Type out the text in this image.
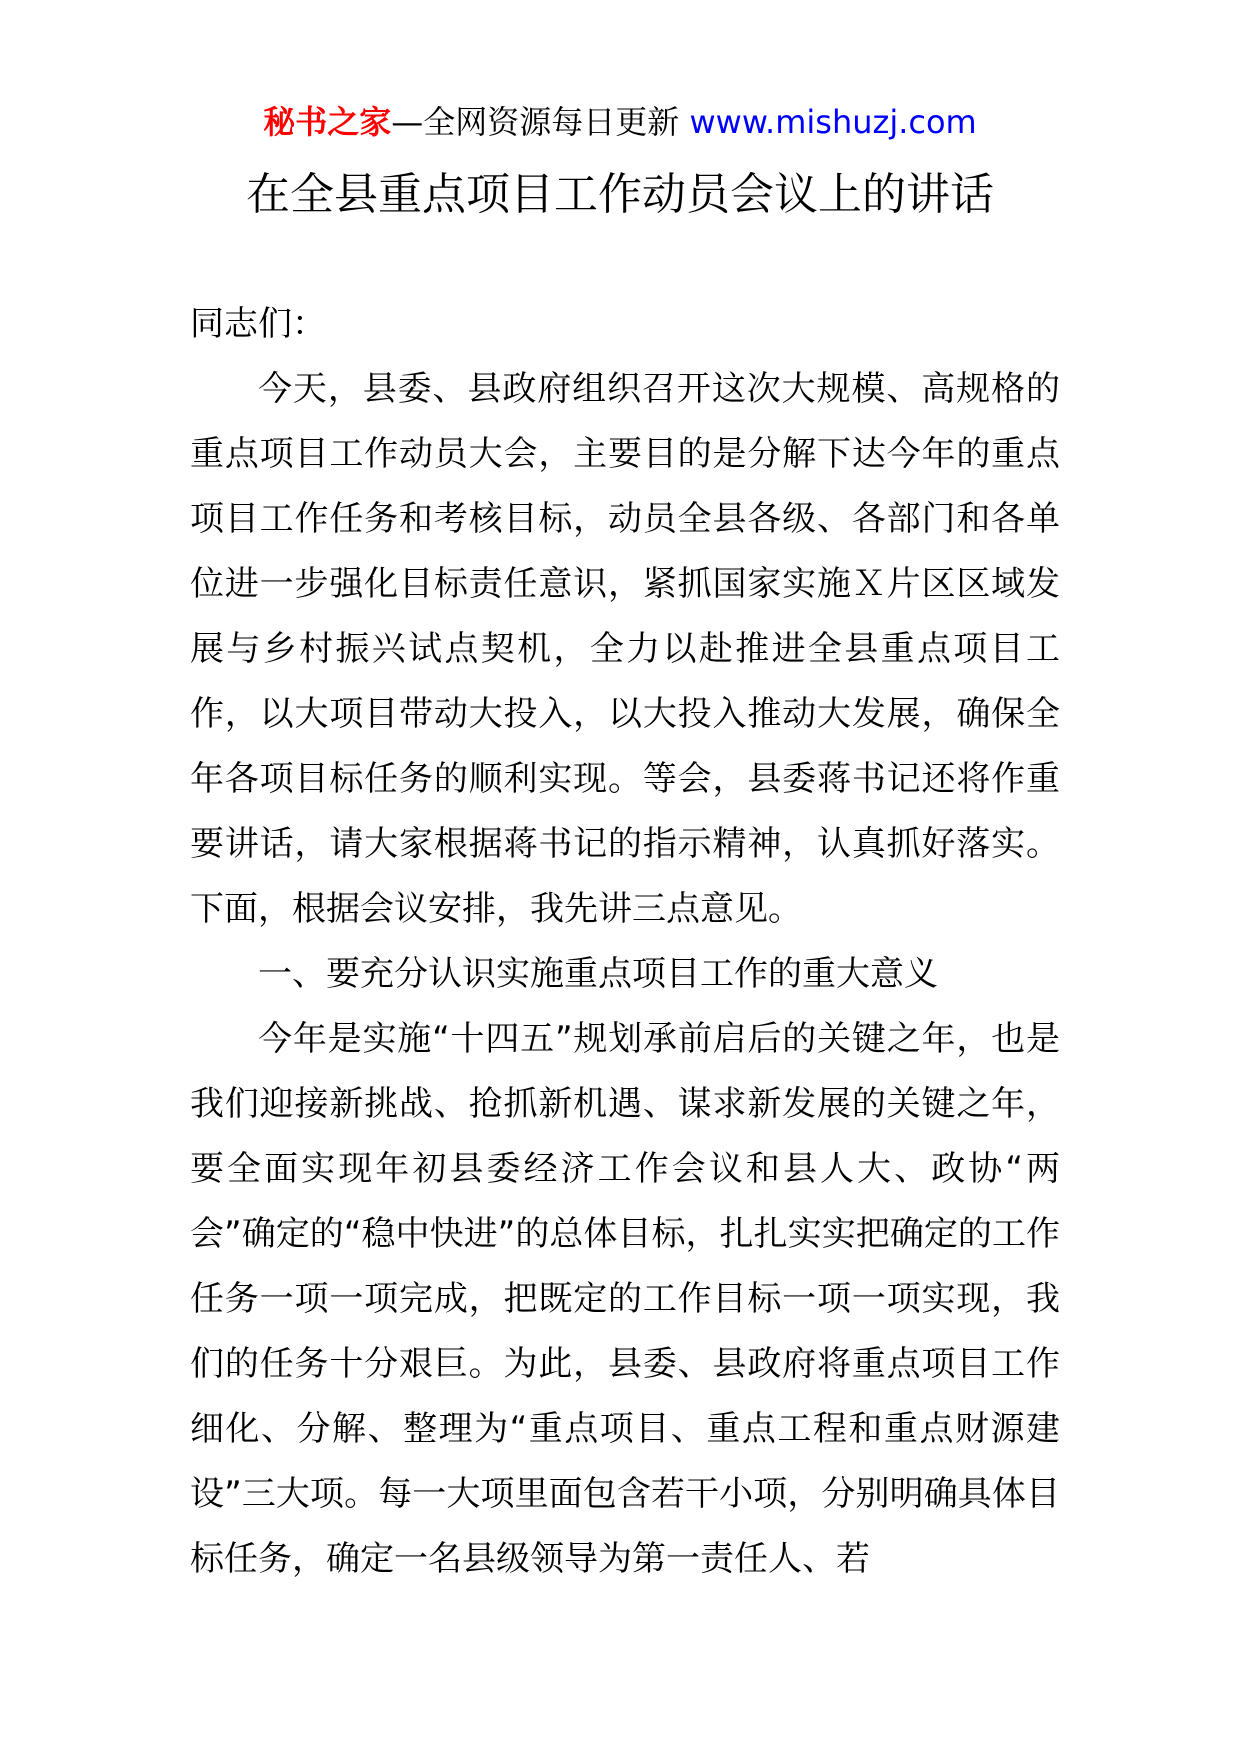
秘书之家—全网资源每日更新 www.mishuzj.com
在全县重点项目工作动员会议上的讲话

同志们：

今天，县委、县政府组织召开这次大规模、高规格的重点项目工作动员大会，主要目的是分解下达今年的重点项目工作任务和考核目标，动员全县各级、各部门和各单位进一步强化目标责任意识，紧抓国家实施Ｘ片区区域发展与乡村振兴试点契机，全力以赴推进全县重点项目工作，以大项目带动大投入，以大投入推动大发展，确保全年各项目标任务的顺利实现。等会，县委蒋书记还将作重要讲话，请大家根据蒋书记的指示精神，认真抓好落实。下面，根据会议安排，我先讲三点意见。

一、要充分认识实施重点项目工作的重大意义

今年是实施“十四五”规划承前启后的关键之年，也是我们迎接新挑战、抢抓新机遇、谋求新发展的关键之年，要全面实现年初县委经济工作会议和县人大、政协“两会”确定的“稳中快进”的总体目标，扎扎实实把确定的工作任务一项一项完成，把既定的工作目标一项一项实现，我们的任务十分艰巨。为此，县委、县政府将重点项目工作细化、分解、整理为“重点项目、重点工程和重点财源建设”三大项。每一大项里面包含若干小项，分别明确具体目标任务，确定一名县级领导为第一责任人、若
